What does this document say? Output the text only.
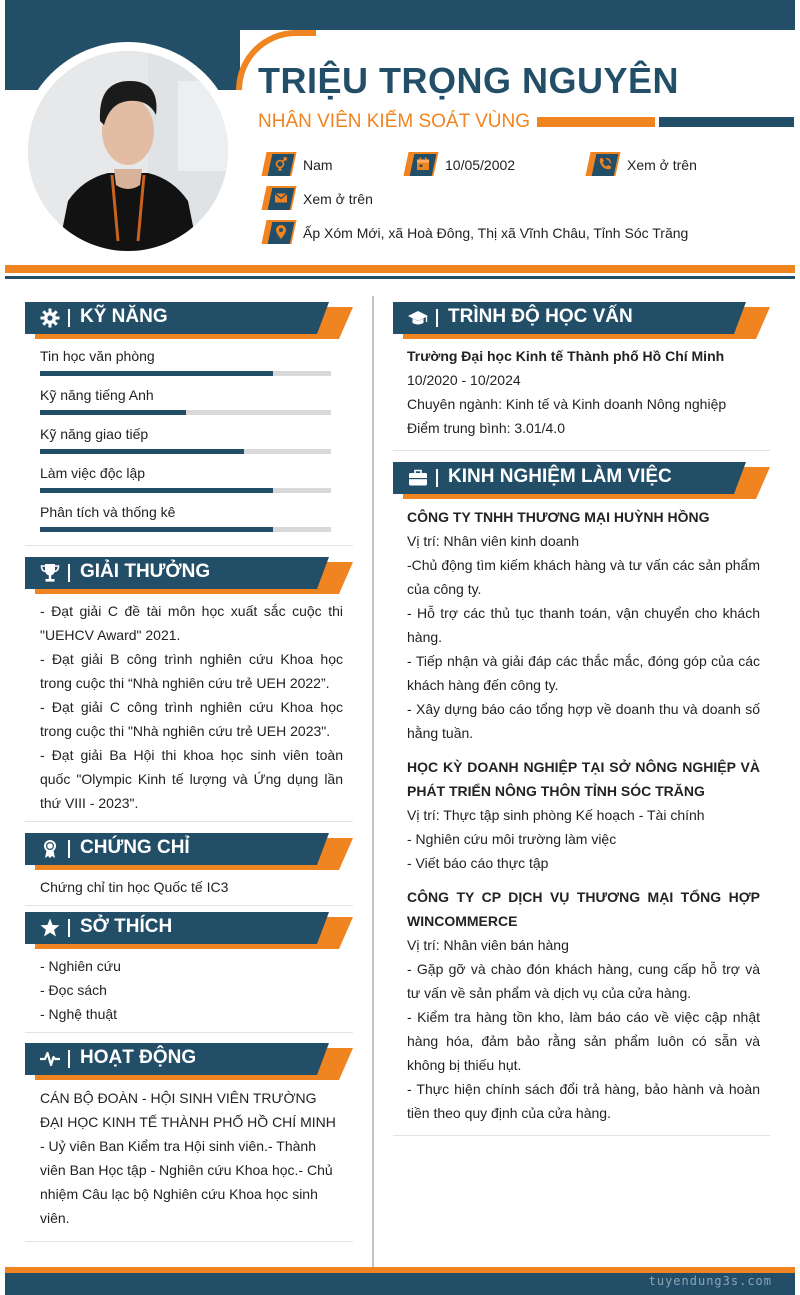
TRIỆU TRỌNG NGUYÊN
NHÂN VIÊN KIỂM SOÁT VÙNG
Nam	10/05/2002	Xem ở trên
Xem ở trên
Ấp Xóm Mới, xã Hoà Đông, Thị xã Vĩnh Châu, Tỉnh Sóc Trăng
KỸ NĂNG
Tin học văn phòng
Kỹ năng tiếng Anh
Kỹ năng giao tiếp
Làm việc độc lập
Phân tích và thống kê
GIẢI THƯỞNG
- Đạt giải C đề tài môn học xuất sắc cuộc thi "UEHCV Award" 2021.
- Đạt giải B công trình nghiên cứu Khoa học trong cuộc thi “Nhà nghiên cứu trẻ UEH 2022”.
- Đạt giải C công trình nghiên cứu Khoa học trong cuộc thi "Nhà nghiên cứu trẻ UEH 2023".
- Đạt giải Ba Hội thi khoa học sinh viên toàn quốc "Olympic Kinh tế lượng và Ứng dụng lần thứ VIII - 2023".
CHỨNG CHỈ
Chứng chỉ tin học Quốc tế IC3
SỞ THÍCH
- Nghiên cứu
- Đọc sách
- Nghệ thuật
HOẠT ĐỘNG
CÁN BỘ ĐOÀN - HỘI SINH VIÊN TRƯỜNG ĐẠI HỌC KINH TẾ THÀNH PHỐ HỒ CHÍ MINH
- Uỷ viên Ban Kiểm tra Hội sinh viên.- Thành viên Ban Học tập - Nghiên cứu Khoa học.- Chủ nhiệm Câu lạc bộ Nghiên cứu Khoa học sinh viên.
TRÌNH ĐỘ HỌC VẤN
Trường Đại học Kinh tế Thành phố Hồ Chí Minh
10/2020 - 10/2024
Chuyên ngành: Kinh tế và Kinh doanh Nông nghiệp
Điểm trung bình: 3.01/4.0
KINH NGHIỆM LÀM VIỆC
CÔNG TY TNHH THƯƠNG MẠI HUỲNH HỒNG
Vị trí: Nhân viên kinh doanh
-Chủ động tìm kiếm khách hàng và tư vấn các sản phẩm của công ty.
- Hỗ trợ các thủ tục thanh toán, vận chuyển cho khách hàng.
- Tiếp nhận và giải đáp các thắc mắc, đóng góp của các khách hàng đến công ty.
- Xây dựng báo cáo tổng hợp về doanh thu và doanh số hằng tuần.
HỌC KỲ DOANH NGHIỆP TẠI SỞ NÔNG NGHIỆP VÀ PHÁT TRIỂN NÔNG THÔN TỈNH SÓC TRĂNG
Vị trí: Thực tập sinh phòng Kế hoạch - Tài chính
- Nghiên cứu môi trường làm việc
- Viết báo cáo thực tập
CÔNG TY CP DỊCH VỤ THƯƠNG MẠI TỔNG HỢP WINCOMMERCE
Vị trí: Nhân viên bán hàng
- Gặp gỡ và chào đón khách hàng, cung cấp hỗ trợ và tư vấn về sản phẩm và dịch vụ của cửa hàng.
- Kiểm tra hàng tồn kho, làm báo cáo về việc cập nhật hàng hóa, đảm bảo rằng sản phẩm luôn có sẵn và không bị thiếu hụt.
- Thực hiện chính sách đổi trả hàng, bảo hành và hoàn tiền theo quy định của cửa hàng.
tuyendung3s.com
